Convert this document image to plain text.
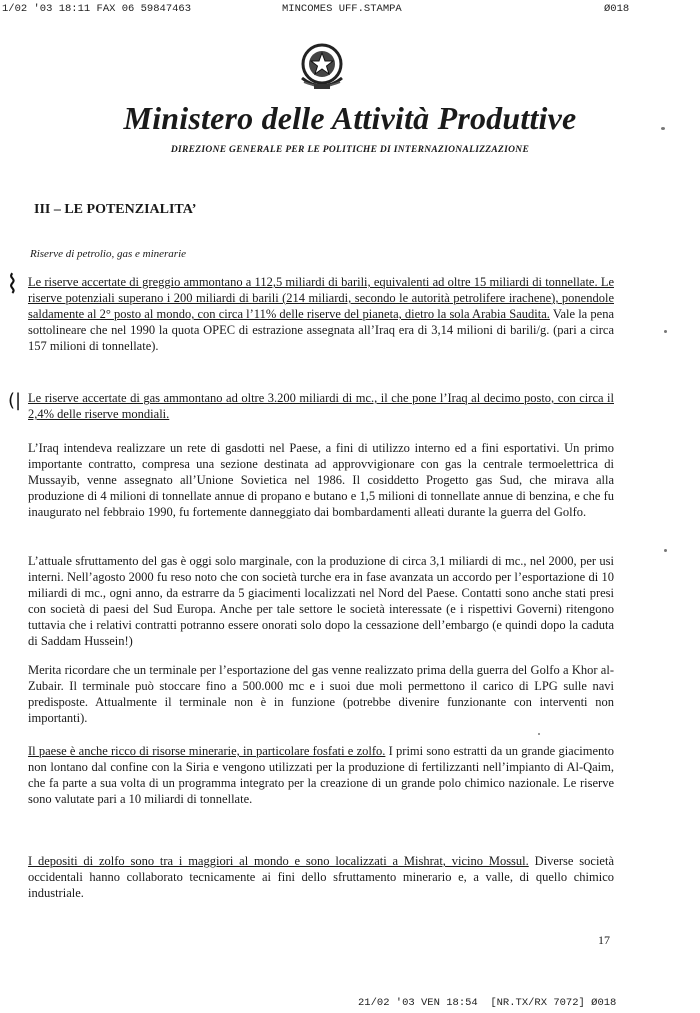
1/02 '03 18:11 FAX 06 59847463	MINCOMES UFF.STAMPA	Ø018
Ministero delle Attività Produttive
DIREZIONE GENERALE PER LE POLITICHE DI INTERNAZIONALIZZAZIONE
III – LE POTENZIALITA’
Riserve di petrolio, gas e minerarie
⌇
(|

Le riserve accertate di greggio ammontano a 112,5 miliardi di barili, equivalenti ad oltre 15 miliardi di tonnellate. Le riserve potenziali superano i 200 miliardi di barili (214 miliardi, secondo le autorità petrolifere irachene), ponendole saldamente al 2° posto al mondo, con circa l’11% delle riserve del pianeta, dietro la sola Arabia Saudita. Vale la pena sottolineare che nel 1990 la quota OPEC di estrazione assegnata all’Iraq era di 3,14 milioni di barili/g. (pari a circa 157 milioni di tonnellate).

Le riserve accertate di gas ammontano ad oltre 3.200 miliardi di mc., il che pone l’Iraq al decimo posto, con circa il 2,4% delle riserve mondiali.

L’Iraq intendeva realizzare un rete di gasdotti nel Paese, a fini di utilizzo interno ed a fini esportativi. Un primo importante contratto, compresa una sezione destinata ad approvvigionare con gas la centrale termoelettrica di Mussayib, venne assegnato all’Unione Sovietica nel 1986. Il cosiddetto Progetto gas Sud, che mirava alla produzione di 4 milioni di tonnellate annue di propano e butano e 1,5 milioni di tonnellate annue di benzina, e che fu inaugurato nel febbraio 1990, fu fortemente danneggiato dai bombardamenti alleati durante la guerra del Golfo.

L’attuale sfruttamento del gas è oggi solo marginale, con la produzione di circa 3,1 miliardi di mc., nel 2000, per usi interni. Nell’agosto 2000 fu reso noto che con società turche era in fase avanzata un accordo per l’esportazione di 10 miliardi di mc., ogni anno, da estrarre da 5 giacimenti localizzati nel Nord del Paese. Contatti sono anche stati presi con società di paesi del Sud Europa. Anche per tale settore le società interessate (e i rispettivi Governi) ritengono tuttavia che i relativi contratti potranno essere onorati solo dopo la cessazione dell’embargo (e quindi dopo la caduta di Saddam Hussein!)

Merita ricordare che un terminale per l’esportazione del gas venne realizzato prima della guerra del Golfo a Khor al-Zubair. Il terminale può stoccare fino a 500.000 mc e i suoi due moli permettono il carico di LPG sulle navi predisposte. Attualmente il terminale non è in funzione (potrebbe divenire funzionante con interventi non importanti).

Il paese è anche ricco di risorse minerarie, in particolare fosfati e zolfo. I primi sono estratti da un grande giacimento non lontano dal confine con la Siria e vengono utilizzati per la produzione di fertilizzanti nell’impianto di Al-Qaim, che fa parte a sua volta di un programma integrato per la creazione di un grande polo chimico nazionale. Le riserve sono valutate pari a 10 miliardi di tonnellate.

I depositi di zolfo sono tra i maggiori al mondo e sono localizzati a Mishrat, vicino Mossul. Diverse società occidentali hanno collaborato tecnicamente ai fini dello sfruttamento minerario e, a valle, di quello chimico industriale.

17
21/02 '03 VEN 18:54  [NR.TX/RX 7072] Ø018
